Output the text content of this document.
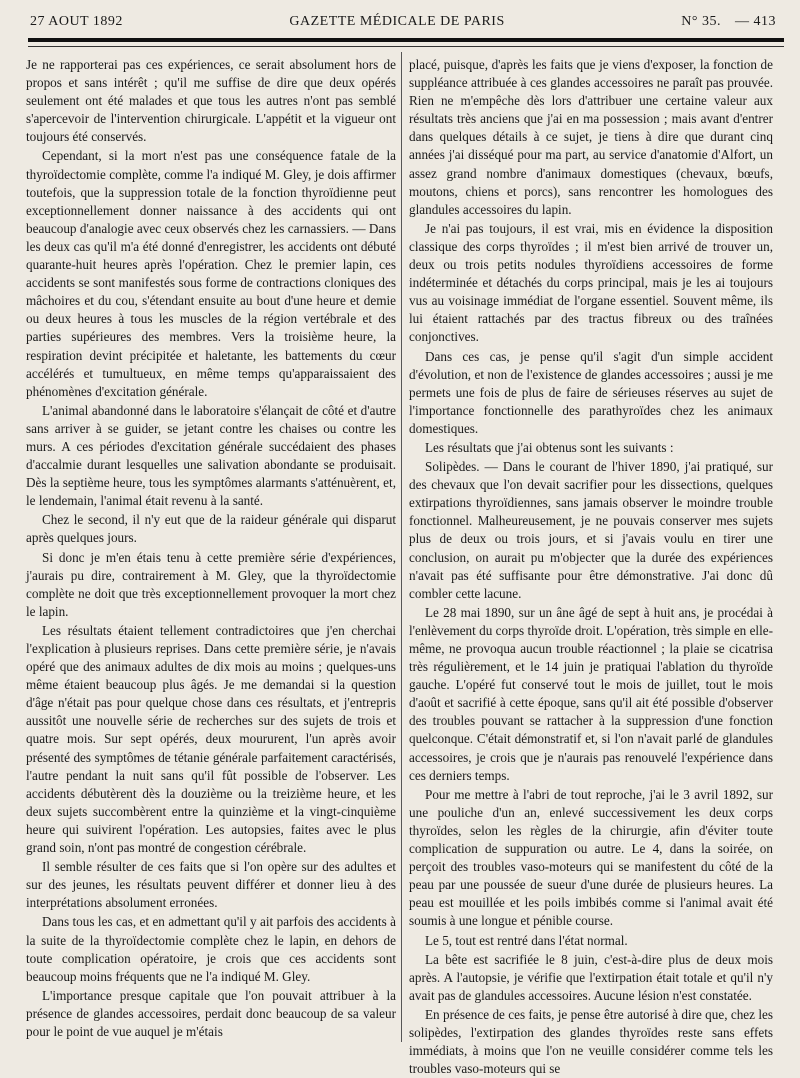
27 AOUT 1892	GAZETTE MÉDICALE DE PARIS	N° 35. — 413

Je ne rapporterai pas ces expériences, ce serait absolument hors de propos et sans intérêt ; qu'il me suffise de dire que deux opérés seulement ont été malades et que tous les autres n'ont pas semblé s'apercevoir de l'intervention chirurgicale. L'appétit et la vigueur ont toujours été conservés.

Cependant, si la mort n'est pas une conséquence fatale de la thyroïdectomie complète, comme l'a indiqué M. Gley, je dois affirmer toutefois, que la suppression totale de la fonction thyroïdienne peut exceptionnellement donner naissance à des accidents qui ont beaucoup d'analogie avec ceux observés chez les carnassiers. — Dans les deux cas qu'il m'a été donné d'enregistrer, les accidents ont débuté quarante-huit heures après l'opération. Chez le premier lapin, ces accidents se sont manifestés sous forme de contractions cloniques des mâchoires et du cou, s'étendant ensuite au bout d'une heure et demie ou deux heures à tous les muscles de la région vertébrale et des parties supérieures des membres. Vers la troisième heure, la respiration devint précipitée et haletante, les battements du cœur accélérés et tumultueux, en même temps qu'apparaissaient des phénomènes d'excitation générale.

L'animal abandonné dans le laboratoire s'élançait de côté et d'autre sans arriver à se guider, se jetant contre les chaises ou contre les murs. A ces périodes d'excitation générale succédaient des phases d'accalmie durant lesquelles une salivation abondante se produisait. Dès la septième heure, tous les symptômes alarmants s'atténuèrent, et, le lendemain, l'animal était revenu à la santé.

Chez le second, il n'y eut que de la raideur générale qui disparut après quelques jours.

Si donc je m'en étais tenu à cette première série d'expériences, j'aurais pu dire, contrairement à M. Gley, que la thyroïdectomie complète ne doit que très exceptionnellement provoquer la mort chez le lapin.

Les résultats étaient tellement contradictoires que j'en cherchai l'explication à plusieurs reprises. Dans cette première série, je n'avais opéré que des animaux adultes de dix mois au moins ; quelques-uns même étaient beaucoup plus âgés. Je me demandai si la question d'âge n'était pas pour quelque chose dans ces résultats, et j'entrepris aussitôt une nouvelle série de recherches sur des sujets de trois et quatre mois. Sur sept opérés, deux moururent, l'un après avoir présenté des symptômes de tétanie générale parfaitement caractérisés, l'autre pendant la nuit sans qu'il fût possible de l'observer. Les accidents débutèrent dès la douzième ou la treizième heure, et les deux sujets succombèrent entre la quinzième et la vingt-cinquième heure qui suivirent l'opération. Les autopsies, faites avec le plus grand soin, n'ont pas montré de congestion cérébrale.

Il semble résulter de ces faits que si l'on opère sur des adultes et sur des jeunes, les résultats peuvent différer et donner lieu à des interprétations absolument erronées.

Dans tous les cas, et en admettant qu'il y ait parfois des accidents à la suite de la thyroïdectomie complète chez le lapin, en dehors de toute complication opératoire, je crois que ces accidents sont beaucoup moins fréquents que ne l'a indiqué M. Gley.

L'importance presque capitale que l'on pouvait attribuer à la présence de glandes accessoires, perdait donc beaucoup de sa valeur pour le point de vue auquel je m'étais

placé, puisque, d'après les faits que je viens d'exposer, la fonction de suppléance attribuée à ces glandes accessoires ne paraît pas prouvée. Rien ne m'empêche dès lors d'attribuer une certaine valeur aux résultats très anciens que j'ai en ma possession ; mais avant d'entrer dans quelques détails à ce sujet, je tiens à dire que durant cinq années j'ai disséqué pour ma part, au service d'anatomie d'Alfort, un assez grand nombre d'animaux domestiques (chevaux, bœufs, moutons, chiens et porcs), sans rencontrer les homologues des glandules accessoires du lapin.

Je n'ai pas toujours, il est vrai, mis en évidence la disposition classique des corps thyroïdes ; il m'est bien arrivé de trouver un, deux ou trois petits nodules thyroïdiens accessoires de forme indéterminée et détachés du corps principal, mais je les ai toujours vus au voisinage immédiat de l'organe essentiel. Souvent même, ils lui étaient rattachés par des tractus fibreux ou des traînées conjonctives.

Dans ces cas, je pense qu'il s'agit d'un simple accident d'évolution, et non de l'existence de glandes accessoires ; aussi je me permets une fois de plus de faire de sérieuses réserves au sujet de l'importance fonctionnelle des parathyroïdes chez les animaux domestiques.

Les résultats que j'ai obtenus sont les suivants :

Solipèdes. — Dans le courant de l'hiver 1890, j'ai pratiqué, sur des chevaux que l'on devait sacrifier pour les dissections, quelques extirpations thyroïdiennes, sans jamais observer le moindre trouble fonctionnel. Malheureusement, je ne pouvais conserver mes sujets plus de deux ou trois jours, et si j'avais voulu en tirer une conclusion, on aurait pu m'objecter que la durée des expériences n'avait pas été suffisante pour être démonstrative. J'ai donc dû combler cette lacune.

Le 28 mai 1890, sur un âne âgé de sept à huit ans, je procédai à l'enlèvement du corps thyroïde droit. L'opération, très simple en elle-même, ne provoqua aucun trouble réactionnel ; la plaie se cicatrisa très régulièrement, et le 14 juin je pratiquai l'ablation du thyroïde gauche. L'opéré fut conservé tout le mois de juillet, tout le mois d'août et sacrifié à cette époque, sans qu'il ait été possible d'observer des troubles pouvant se rattacher à la suppression d'une fonction quelconque. C'était démonstratif et, si l'on n'avait parlé de glandules accessoires, je crois que je n'aurais pas renouvelé l'expérience dans ces derniers temps.

Pour me mettre à l'abri de tout reproche, j'ai le 3 avril 1892, sur une pouliche d'un an, enlevé successivement les deux corps thyroïdes, selon les règles de la chirurgie, afin d'éviter toute complication de suppuration ou autre. Le 4, dans la soirée, on perçoit des troubles vaso-moteurs qui se manifestent du côté de la peau par une poussée de sueur d'une durée de plusieurs heures. La peau est mouillée et les poils imbibés comme si l'animal avait été soumis à une longue et pénible course.

Le 5, tout est rentré dans l'état normal.

La bête est sacrifiée le 8 juin, c'est-à-dire plus de deux mois après. A l'autopsie, je vérifie que l'extirpation était totale et qu'il n'y avait pas de glandules accessoires. Aucune lésion n'est constatée.

En présence de ces faits, je pense être autorisé à dire que, chez les solipèdes, l'extirpation des glandes thyroïdes reste sans effets immédiats, à moins que l'on ne veuille considérer comme tels les troubles vaso-moteurs qui se
